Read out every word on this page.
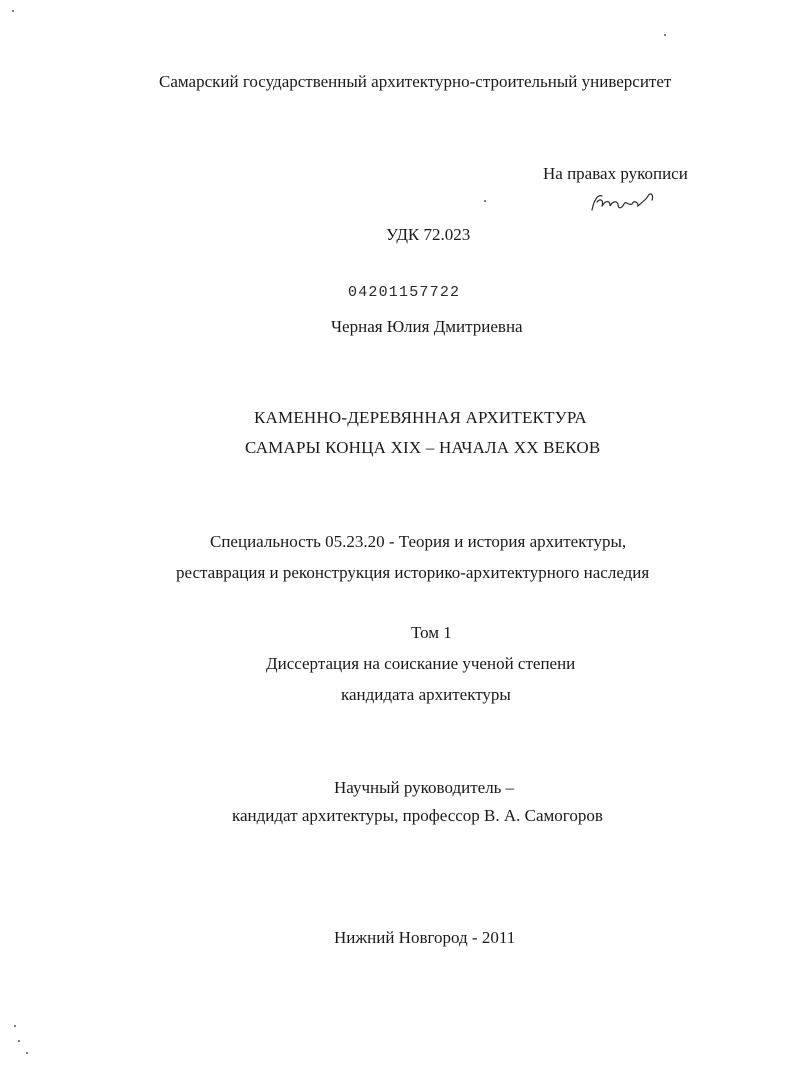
Самарский государственный архитектурно-строительный университет
На правах рукописи
УДК 72.023
04201157722
Черная Юлия Дмитриевна
КАМЕННО-ДЕРЕВЯННАЯ АРХИТЕКТУРА
САМАРЫ КОНЦА XIX – НАЧАЛА XX ВЕКОВ
Специальность 05.23.20 - Теория и история архитектуры,
реставрация и реконструкция историко-архитектурного наследия
Том 1
Диссертация на соискание ученой степени
кандидата архитектуры
Научный руководитель –
кандидат архитектуры, профессор В. А. Самогоров
Нижний Новгород - 2011
